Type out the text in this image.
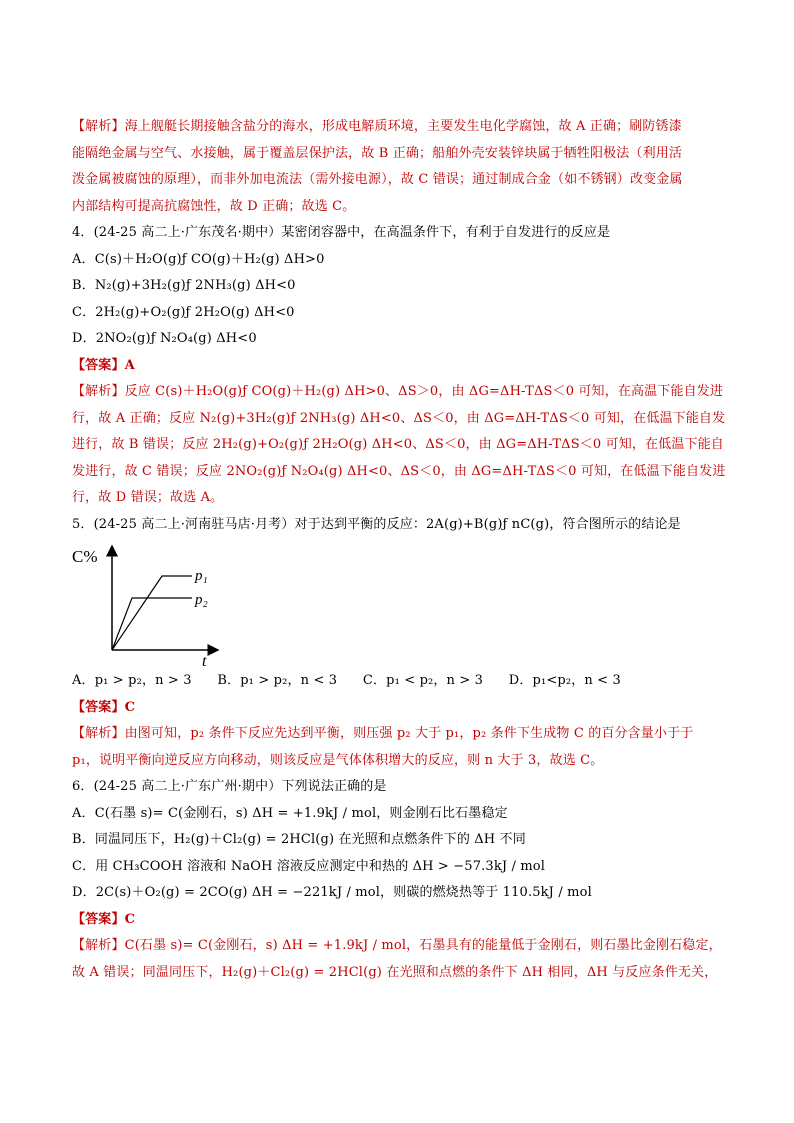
【解析】海上舰艇长期接触含盐分的海水，形成电解质环境，主要发生电化学腐蚀，故 A 正确；刷防锈漆
能隔绝金属与空气、水接触，属于覆盖层保护法，故 B 正确；船舶外壳安装锌块属于牺牲阳极法（利用活
泼金属被腐蚀的原理），而非外加电流法（需外接电源），故 C 错误；通过制成合金（如不锈钢）改变金属
内部结构可提高抗腐蚀性，故 D 正确；故选 C。
4．(24-25 高二上·广东茂名·期中）某密闭容器中，在高温条件下，有利于自发进行的反应是
A．C(s)＋H₂O(g)ƒ CO(g)＋H₂(g) ΔH>0
B．N₂(g)+3H₂(g)ƒ 2NH₃(g) ΔH<0
C．2H₂(g)+O₂(g)ƒ 2H₂O(g) ΔH<0
D．2NO₂(g)ƒ N₂O₄(g) ΔH<0
【答案】A
【解析】反应 C(s)＋H₂O(g)ƒ CO(g)＋H₂(g) ΔH>0、ΔS＞0，由 ΔG=ΔH-TΔS＜0 可知，在高温下能自发进
行，故 A 正确；反应 N₂(g)+3H₂(g)ƒ 2NH₃(g) ΔH<0、ΔS＜0，由 ΔG=ΔH-TΔS＜0 可知，在低温下能自发
进行，故 B 错误；反应 2H₂(g)+O₂(g)ƒ 2H₂O(g) ΔH<0、ΔS＜0，由 ΔG=ΔH-TΔS＜0 可知，在低温下能自
发进行，故 C 错误；反应 2NO₂(g)ƒ N₂O₄(g) ΔH<0、ΔS＜0，由 ΔG=ΔH-TΔS＜0 可知，在低温下能自发进
行，故 D 错误；故选 A。
5．(24-25 高二上·河南驻马店·月考）对于达到平衡的反应：2A(g)+B(g)ƒ nC(g)，符合图所示的结论是
C%
t
p₁
p₂
A．p₁ > p₂，n > 3      B．p₁ > p₂，n < 3      C．p₁ < p₂，n > 3      D．p₁<p₂，n < 3
【答案】C
【解析】由图可知，p₂ 条件下反应先达到平衡，则压强 p₂ 大于 p₁，p₂ 条件下生成物 C 的百分含量小于于
p₁，说明平衡向逆反应方向移动，则该反应是气体体积增大的反应，则 n 大于 3，故选 C。
6．(24-25 高二上·广东广州·期中）下列说法正确的是
A．C(石墨 s)= C(金刚石，s) ΔH = +1.9kJ / mol，则金刚石比石墨稳定
B．同温同压下，H₂(g)＋Cl₂(g) = 2HCl(g) 在光照和点燃条件下的 ΔH 不同
C．用 CH₃COOH 溶液和 NaOH 溶液反应测定中和热的 ΔH > −57.3kJ / mol
D．2C(s)＋O₂(g) = 2CO(g) ΔH = −221kJ / mol，则碳的燃烧热等于 110.5kJ / mol
【答案】C
【解析】C(石墨 s)= C(金刚石，s) ΔH = +1.9kJ / mol，石墨具有的能量低于金刚石，则石墨比金刚石稳定，
故 A 错误；同温同压下，H₂(g)＋Cl₂(g) = 2HCl(g) 在光照和点燃的条件下 ΔH 相同，ΔH 与反应条件无关，
